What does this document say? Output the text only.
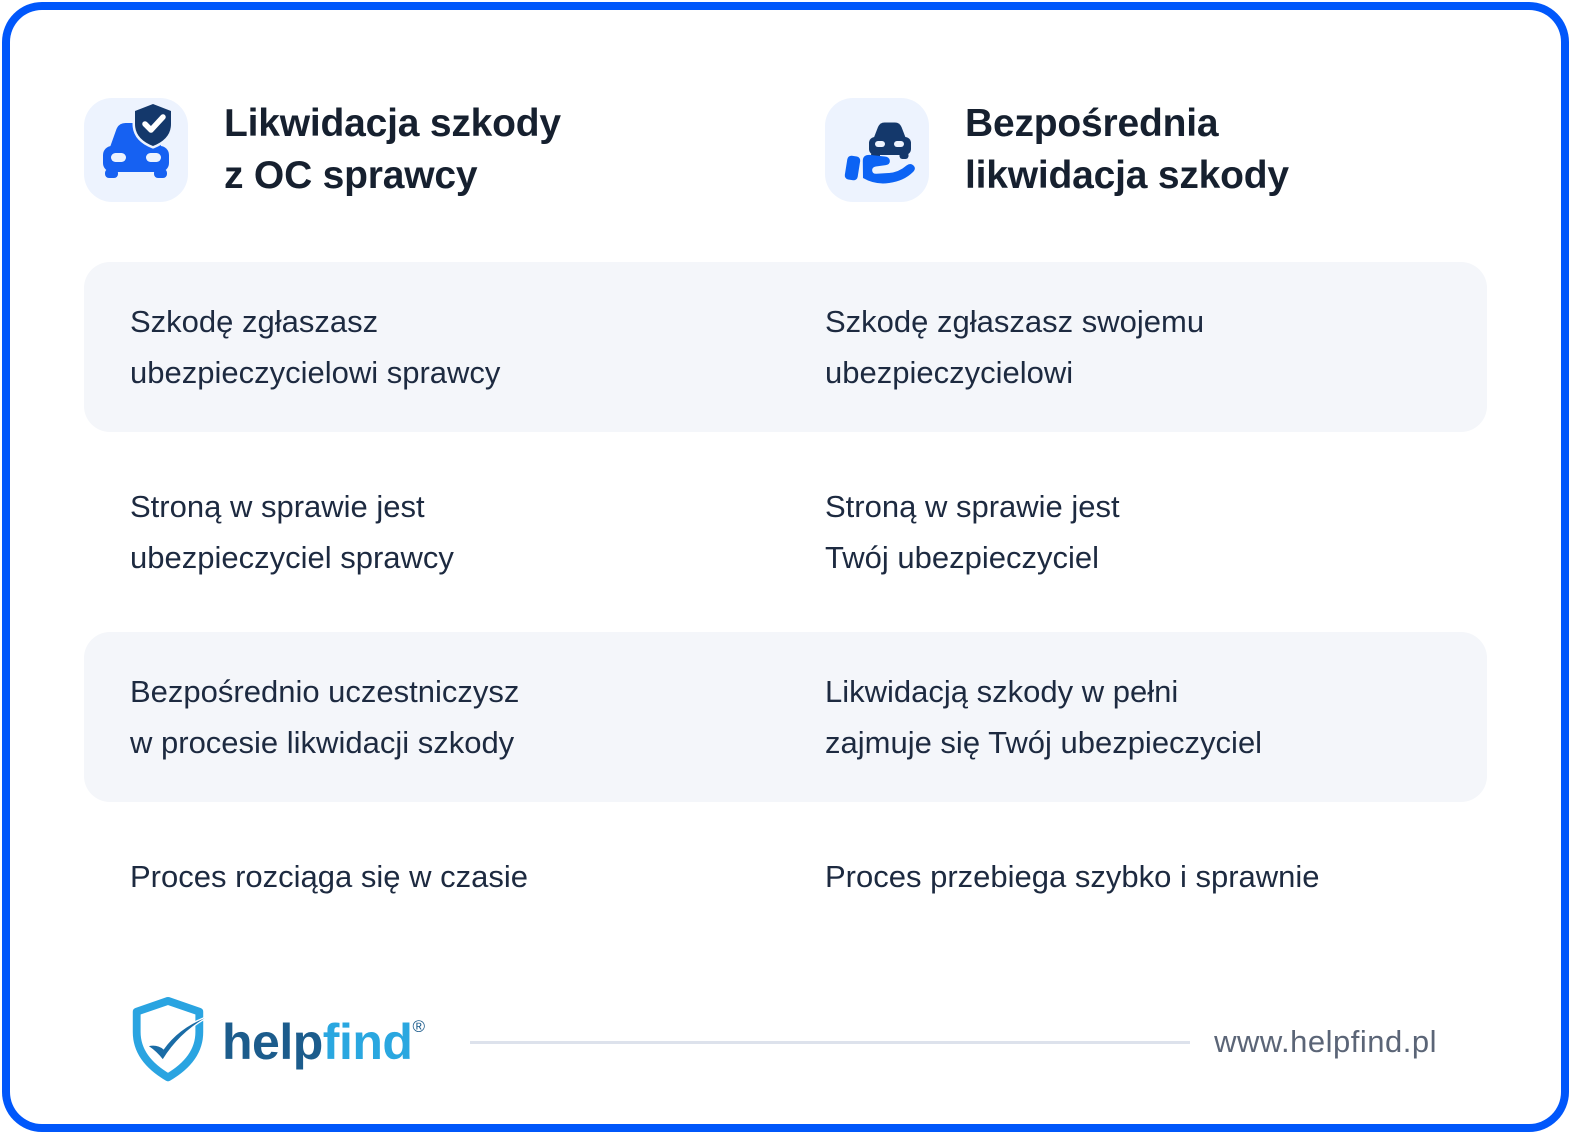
Likwidacja szkody
z OC sprawcy
Bezpośrednia
likwidacja szkody

Szkodę zgłaszasz
ubezpieczycielowi sprawcy

Szkodę zgłaszasz swojemu
ubezpieczycielowi

Stroną w sprawie jest
ubezpieczyciel sprawcy

Stroną w sprawie jest
Twój ubezpieczyciel

Bezpośrednio uczestniczysz
w procesie likwidacji szkody

Likwidacją szkody w pełni
zajmuje się Twój ubezpieczyciel

Proces rozciąga się w czasie	Proces przebiega szybko i sprawnie

helpfind®	www.helpfind.pl
